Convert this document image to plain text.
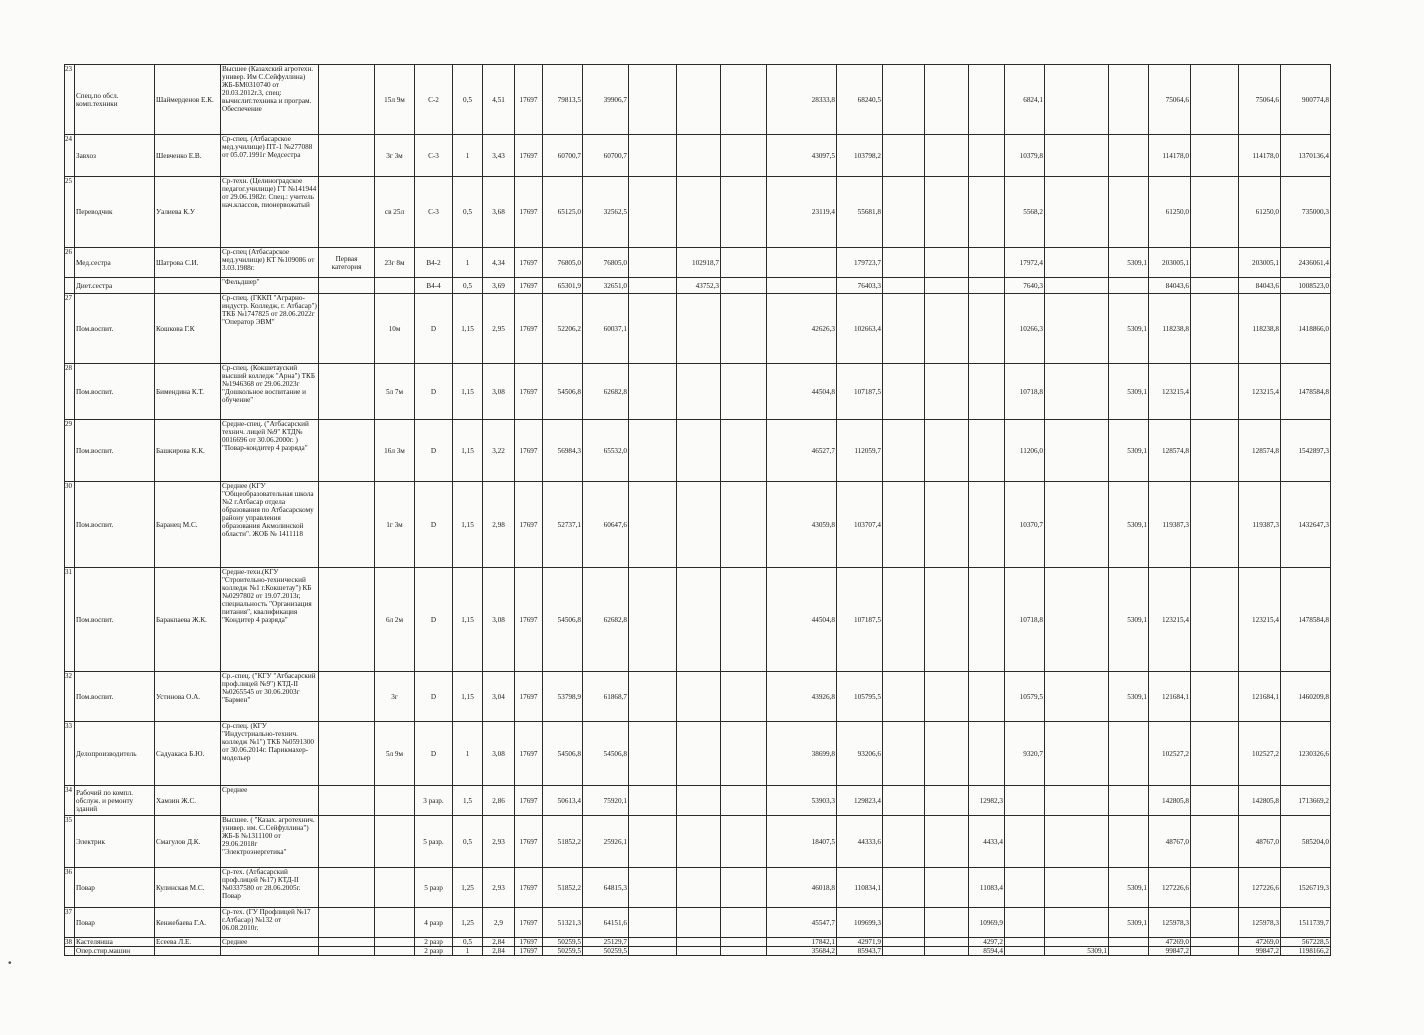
23	Спец.по обсл. комп.техники	Шаймерденов Е.К.	Высшее (Казахский агротехн. универ. Им С.Сейфуллина) ЖБ-БМ0310740 от 20.03.2012г.3, спец: вычислит.техника и програм. Обеспечение		15л 9м	С-2	0,5	4,51	17697	79813,5	39906,7				28333,8	68240,5				6824,1			75064,6		75064,6	900774,8
24	Завхоз	Шевченко Е.В.	Ср-спец. (Атбасарское мед.училище) ПТ-1 №277088 от 05.07.1991г Медсестра		3г 3м	С-3	1	3,43	17697	60700,7	60700,7				43097,5	103798,2				10379,8			114178,0		114178,0	1370136,4
25	Переводчик	Уалиева К.У	Ср-техн. (Целиноградское педагог.училище) ГТ №141944 от 29.06.1982г. Спец.: учитель нач.классов, пионервожатый		св 25л	С-3	0,5	3,68	17697	65125,0	32562,5				23119,4	55681,8				5568,2			61250,0		61250,0	735000,3
26	Мед.сестра	Шатрова С.И.	Ср-спец (Атбасарское мед.училище) КТ №109086 от 3.03.1988г.	Первая категория	23г 8м	В4-2	1	4,34	17697	76805,0	76805,0		102918,7			179723,7				17972,4		5309,1	203005,1		203005,1	2436061,4
	Диет.сестра		"Фельдшер"			В4-4	0,5	3,69	17697	65301,9	32651,0		43752,3			76403,3				7640,3			84043,6		84043,6	1008523,0
27	Пом.воспит.	Кошкова Г.К	Ср-спец. (ГККП "Аграрно-индустр. Колледж, г. Атбасар") ТКБ №1747825 от 28.06.2022г "Оператор ЭВМ"		10м	D	1,15	2,95	17697	52206,2	60037,1				42626,3	102663,4				10266,3		5309,1	118238,8		118238,8	1418866,0
28	Пом.воспит.	Бимендина К.Т.	Ср-спец. (Кокшетауский высший колледж "Арна") ТКБ №1946368 от 29.06.2023г "Дошкольное воспитание и обучение"		5л 7м	D	1,15	3,08	17697	54506,8	62682,8				44504,8	107187,5				10718,8		5309,1	123215,4		123215,4	1478584,8
29	Пом.воспит.	Башкирова К.К.	Средне-спец. ("Атбасарский технич. лицей №9" КТД№ 0016696 от 30.06.2000г. ) "Повар-кондитер 4 разряда"		16л 3м	D	1,15	3,22	17697	56984,3	65532,0				46527,7	112059,7				11206,0		5309,1	128574,8		128574,8	1542897,3
30	Пом.воспит.	Баранец М.С.	Среднее (КГУ "Общеобразовательная школа №2 г.Атбасар отдела образования по Атбасарскому району управления образования Акмолинской области". ЖОБ № 1411118		1г 3м	D	1,15	2,98	17697	52737,1	60647,6				43059,8	103707,4				10370,7		5309,1	119387,3		119387,3	1432647,3
31	Пом.воспит.	Баракпаева Ж.К.	Средне-техн.(КГУ "Строительно-технический колледж №1 г.Кокшетау") КБ №0297802 от 19.07.2013г, специальность "Организация питания", квалификация "Кондитер 4 разряда"		6л 2м	D	1,15	3,08	17697	54506,8	62682,8				44504,8	107187,5				10718,8		5309,1	123215,4		123215,4	1478584,8
32	Пом.воспит.	Устинова О.А.	Ср.-спец. ("КГУ "Атбасарский проф.лицей №9") КТД-II №0265545 от 30.06.2003г "Бармен"		3г	D	1,15	3,04	17697	53798,9	61868,7				43926,8	105795,5				10579,5		5309,1	121684,1		121684,1	1460209,8
33	Делопроизводитель	Садуакаса Б.Ю.	Ср-спец. (КГУ "Индустриально-технич. колледж №1") ТКБ №0591300 от 30.06.2014г. Парикмахер-модельер		5л 9м	D	1	3,08	17697	54506,8	54506,8				38699,8	93206,6				9320,7			102527,2		102527,2	1230326,6
34	Рабочий по компл. обслуж. и ремонту зданий	Хамзин Ж.С.	Среднее			3 разр.	1,5	2,86	17697	50613,4	75920,1				53903,3	129823,4			12982,3				142805,8		142805,8	1713669,2
35	Электрик	Смагулов Д.К.	Высшее. ( "Казах. агротехнич. универ. им. С.Сейфуллина") ЖБ-Б №1311100 от 29.06.2018г "Электроэнергетика"			5 разр.	0,5	2,93	17697	51852,2	25926,1				18407,5	44333,6			4433,4				48767,0		48767,0	585204,0
36	Повар	Кулинская М.С.	Ср-тех. (Атбасарский проф.лицей №17) КТД-II №0337580 от 28.06.2005г. Повар			5 разр	1,25	2,93	17697	51852,2	64815,3				46018,8	110834,1			11083,4			5309,1	127226,6		127226,6	1526719,3
37	Повар	Кенжебаева Г.А.	Ср-тех. (ГУ Профлицей №17 г.Атбасар) №132 от 06.08.2010г.			4 разр	1,25	2,9	17697	51321,3	64151,6				45547,7	109699,3			10969,9			5309,1	125978,3		125978,3	1511739,7
38	Кастелянша	Есеева Л.Е.	Среднее			2 разр	0,5	2,84	17697	50259,5	25129,7				17842,1	42971,9			4297,2				47269,0		47269,0	567228,5
	Опер.стир.машин					2 разр	1	2,84	17697	50259,5	50259,5				35684,2	85943,7			8594,4		5309,1		99847,2		99847,2	1198166,2
•
